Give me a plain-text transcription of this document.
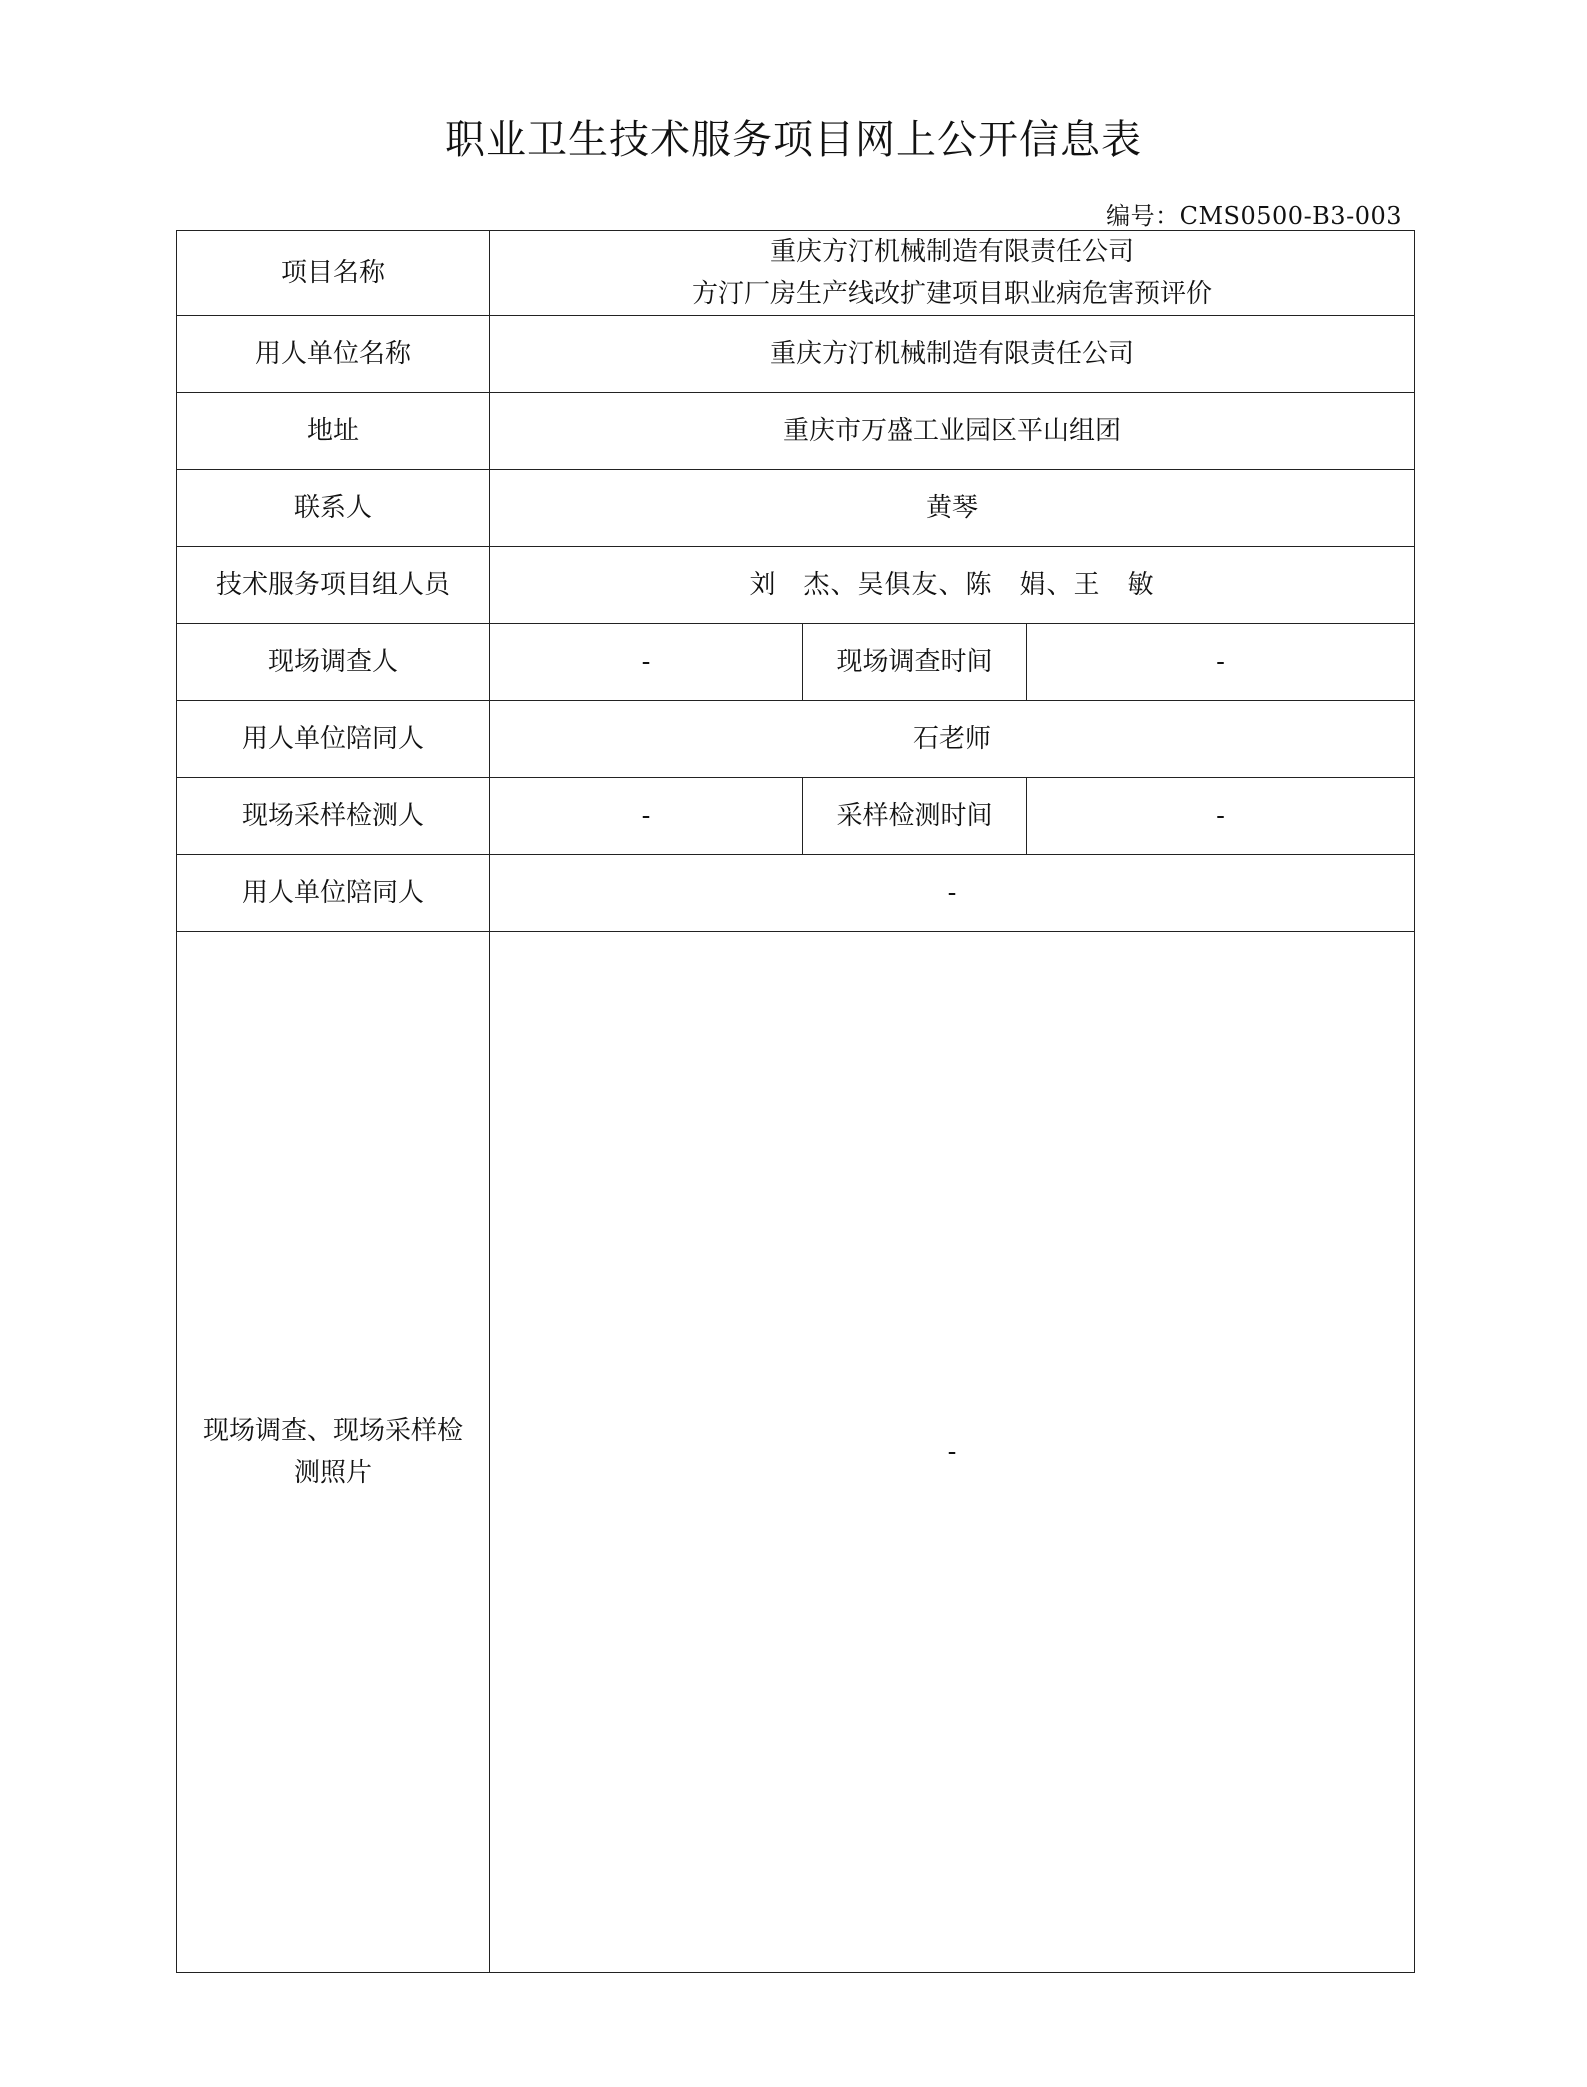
职业卫生技术服务项目网上公开信息表
编号：CMS0500-B3-003
项目名称	重庆方汀机械制造有限责任公司
方汀厂房生产线改扩建项目职业病危害预评价		

用人单位名称	重庆方汀机械制造有限责任公司		
地址	重庆市万盛工业园区平山组团		
联系人	黄琴		
技术服务项目组人员	刘　杰、吴俱友、陈　娟、王　敏		
现场调查人	-	现场调查时间	-
用人单位陪同人	石老师		
现场采样检测人	-	采样检测时间	-
用人单位陪同人	-		

现场调查、现场采样检
测照片	-		
